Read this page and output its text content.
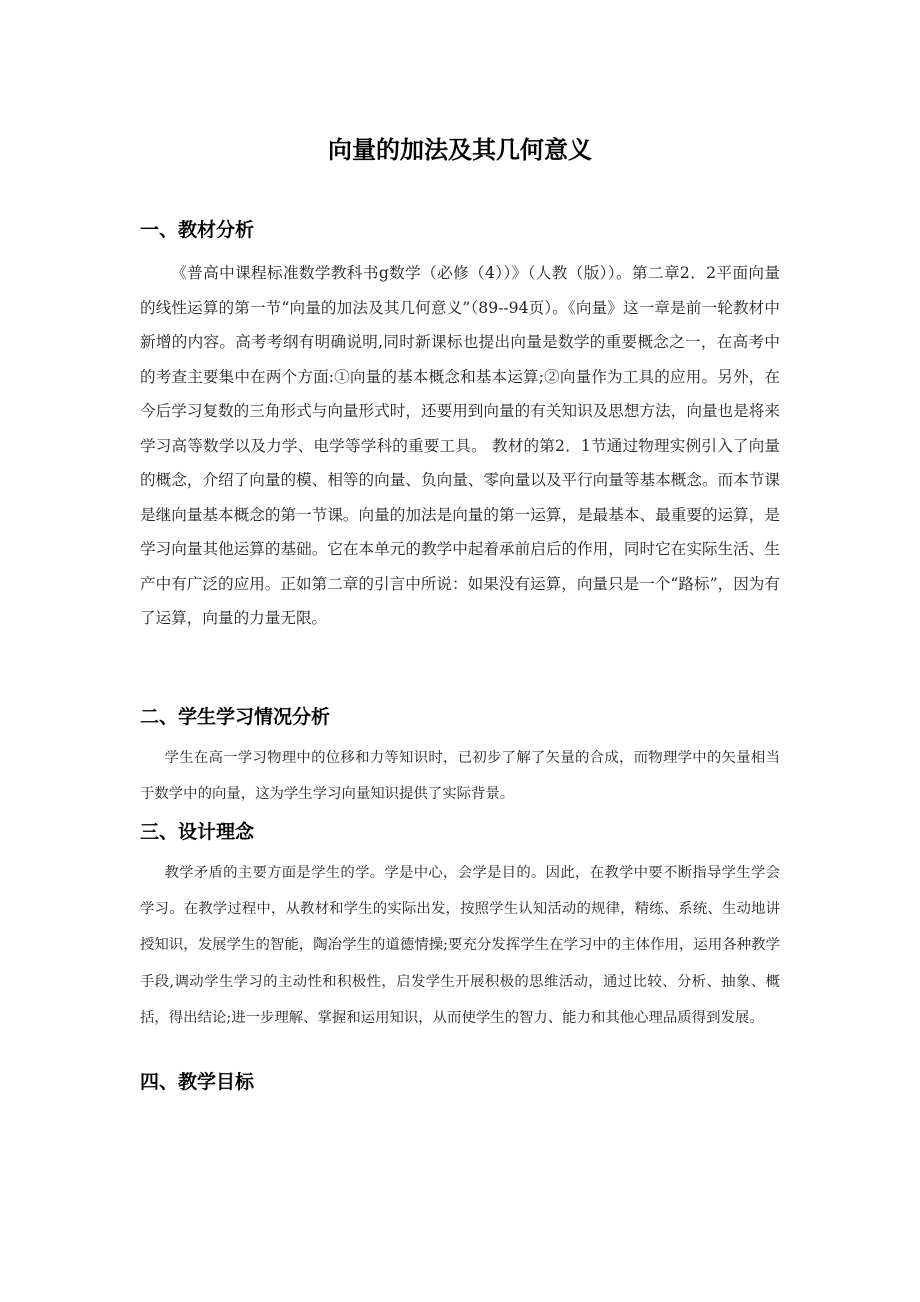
向量的加法及其几何意义
一、教材分析
《普高中课程标准数学教科书g数学（必修（4））》（人教（版））。第二章2．2平面向量的线性运算的第一节“向量的加法及其几何意义”（89--94页）。《向量》这一章是前一轮教材中新增的内容。高考考纲有明确说明,同时新课标也提出向量是数学的重要概念之一，在高考中的考查主要集中在两个方面:①向量的基本概念和基本运算;②向量作为工具的应用。另外，在今后学习复数的三角形式与向量形式时，还要用到向量的有关知识及思想方法，向量也是将来学习高等数学以及力学、电学等学科的重要工具。 教材的第2．1节通过物理实例引入了向量的概念，介绍了向量的模、相等的向量、负向量、零向量以及平行向量等基本概念。而本节课是继向量基本概念的第一节课。向量的加法是向量的第一运算，是最基本、最重要的运算，是学习向量其他运算的基础。它在本单元的教学中起着承前启后的作用，同时它在实际生活、生产中有广泛的应用。正如第二章的引言中所说：如果没有运算，向量只是一个“路标”，因为有了运算，向量的力量无限。
二、学生学习情况分析
学生在高一学习物理中的位移和力等知识时，已初步了解了矢量的合成，而物理学中的矢量相当于数学中的向量，这为学生学习向量知识提供了实际背景。
三、设计理念
教学矛盾的主要方面是学生的学。学是中心，会学是目的。因此，在教学中要不断指导学生学会学习。在教学过程中，从教材和学生的实际出发，按照学生认知活动的规律，精练、系统、生动地讲授知识，发展学生的智能，陶冶学生的道德情操;要充分发挥学生在学习中的主体作用，运用各种教学手段,调动学生学习的主动性和积极性，启发学生开展积极的思维活动，通过比较、分析、抽象、概括，得出结论;进一步理解、掌握和运用知识，从而使学生的智力、能力和其他心理品质得到发展。
四、教学目标
